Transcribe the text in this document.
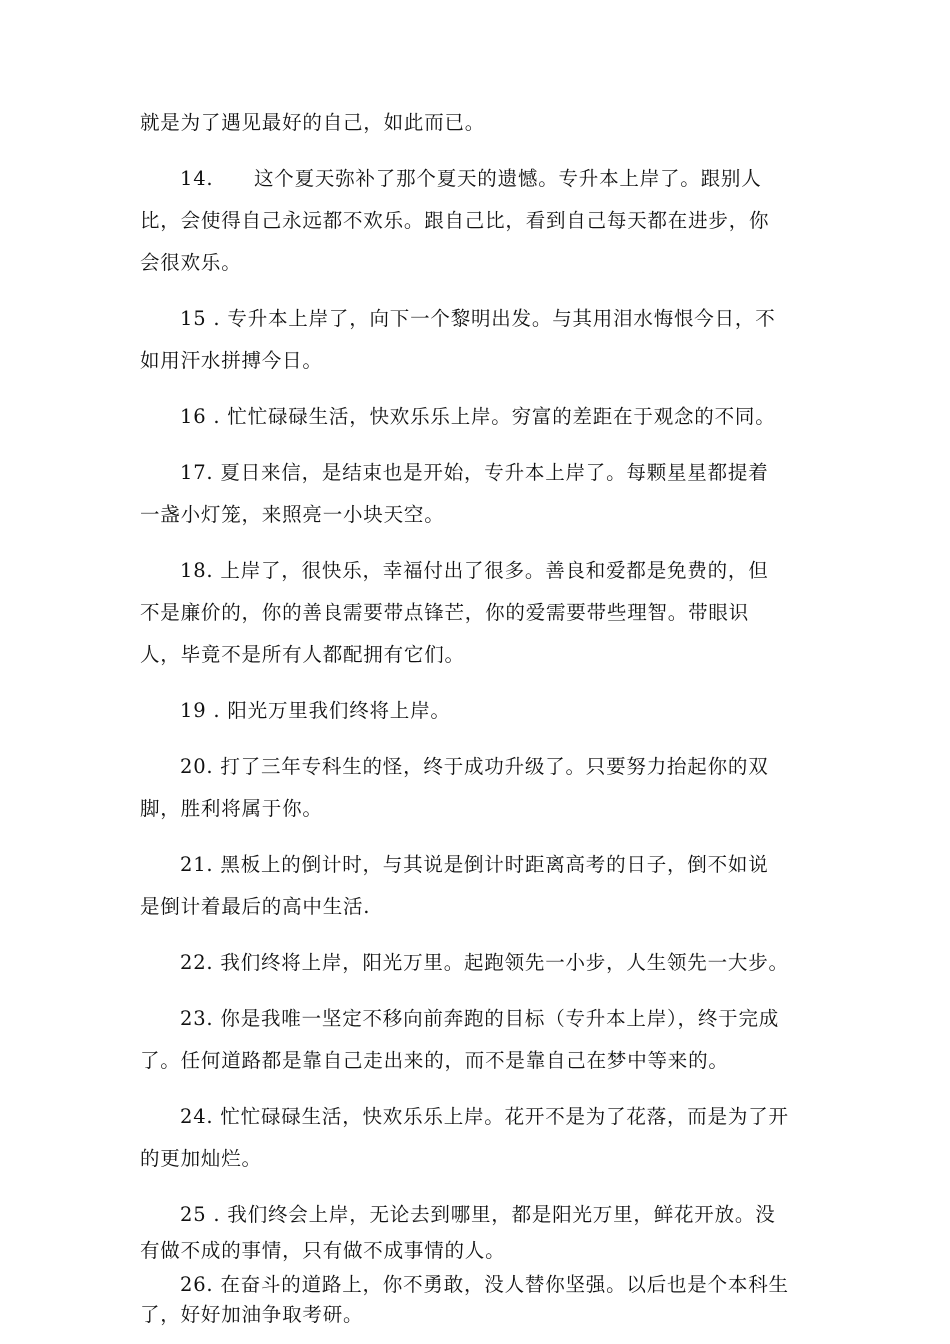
就是为了遇见最好的自己，如此而已。
14.　　这个夏天弥补了那个夏天的遗憾。专升本上岸了。跟别人
比，会使得自己永远都不欢乐。跟自己比，看到自己每天都在进步，你
会很欢乐。
15 . 专升本上岸了，向下一个黎明出发。与其用泪水悔恨今日，不
如用汗水拼搏今日。
16 . 忙忙碌碌生活，快欢乐乐上岸。穷富的差距在于观念的不同。
17. 夏日来信，是结束也是开始，专升本上岸了。每颗星星都提着
一盏小灯笼，来照亮一小块天空。
18. 上岸了，很快乐，幸福付出了很多。善良和爱都是免费的，但
不是廉价的，你的善良需要带点锋芒，你的爱需要带些理智。带眼识
人，毕竟不是所有人都配拥有它们。
19 . 阳光万里我们终将上岸。
20. 打了三年专科生的怪，终于成功升级了。只要努力抬起你的双
脚，胜利将属于你。
21. 黑板上的倒计时，与其说是倒计时距离高考的日子，倒不如说
是倒计着最后的高中生活.
22. 我们终将上岸，阳光万里。起跑领先一小步，人生领先一大步。
23. 你是我唯一坚定不移向前奔跑的目标（专升本上岸），终于完成
了。任何道路都是靠自己走出来的，而不是靠自己在梦中等来的。
24. 忙忙碌碌生活，快欢乐乐上岸。花开不是为了花落，而是为了开
的更加灿烂。
25 . 我们终会上岸，无论去到哪里，都是阳光万里，鲜花开放。没
有做不成的事情，只有做不成事情的人。
26. 在奋斗的道路上，你不勇敢，没人替你坚强。以后也是个本科生
了，好好加油争取考研。
